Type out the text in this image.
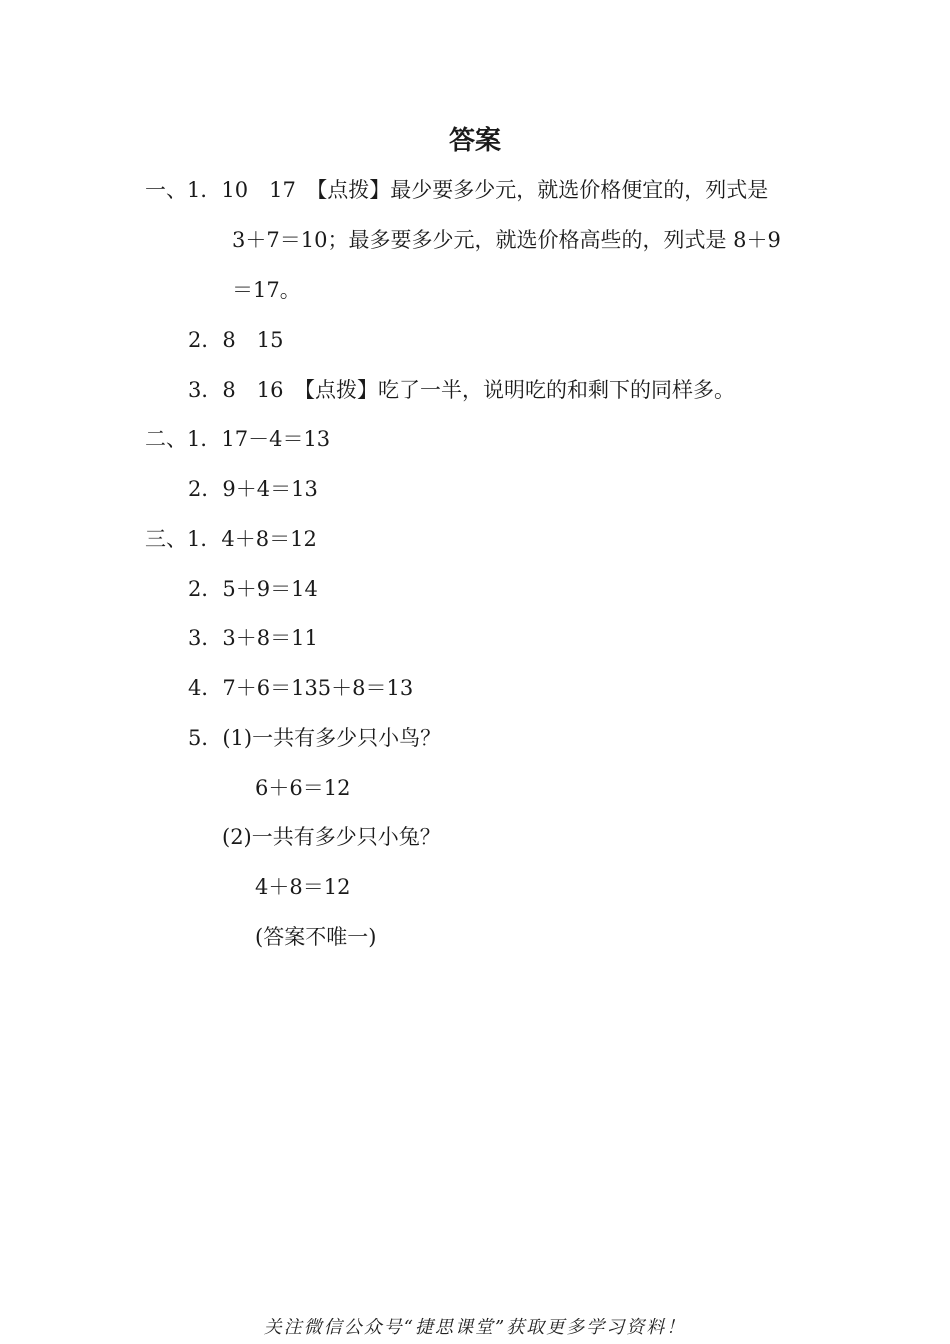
答案
一、1．10　17　【点拨】最少要多少元，就选价格便宜的，列式是
3＋7＝10；最多要多少元，就选价格高些的，列式是 8＋9
＝17。
2．8　15
3．8　16　【点拨】吃了一半，说明吃的和剩下的同样多。
二、1．17－4＝13
2．9＋4＝13
三、1．4＋8＝12
2．5＋9＝14
3．3＋8＝11
4．7＋6＝135＋8＝13
5．(1)一共有多少只小鸟？
6＋6＝12
(2)一共有多少只小兔？
4＋8＝12
(答案不唯一)
关注微信公众号“捷思课堂”获取更多学习资料！
